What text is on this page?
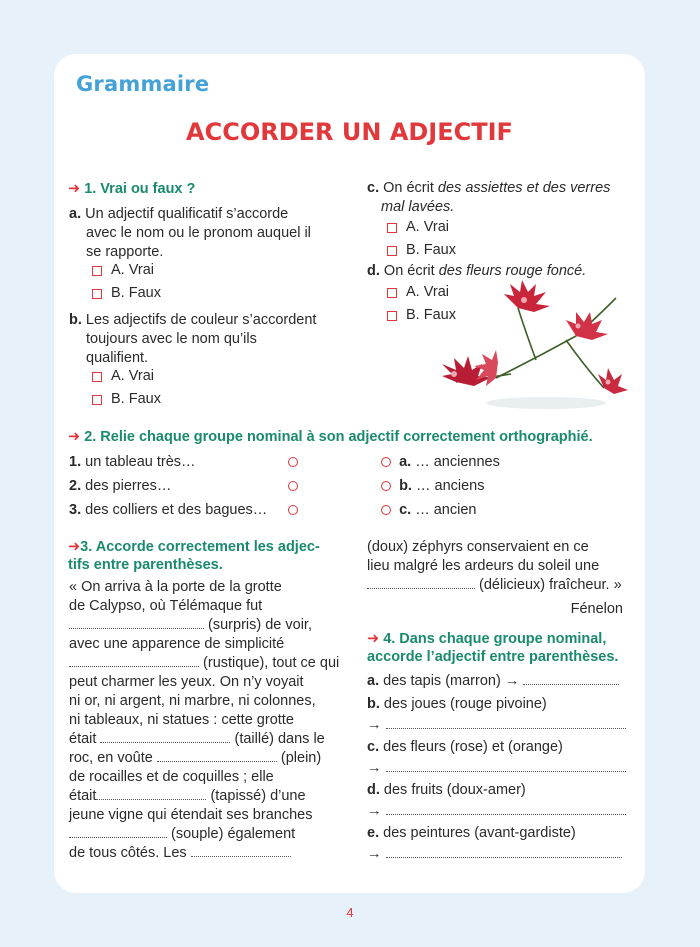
Grammaire
ACCORDER UN ADJECTIF
➜ 1. Vrai ou faux ?
a. Un adjectif qualificatif s’accorde
avec le nom ou le pronom auquel il
se rapporte.
A. Vrai
B. Faux
b. Les adjectifs de couleur s’accordent
toujours avec le nom qu’ils
qualifient.
A. Vrai
B. Faux
c. On écrit des assiettes et des verres
mal lavées.
A. Vrai
B. Faux
d. On écrit des fleurs rouge foncé.
A. Vrai
B. Faux
➜ 2. Relie chaque groupe nominal à son adjectif correctement orthographié.
1.
un tableau très…
2.
des pierres…
3.
des colliers et des bagues…

a.
… anciennes

b.
… anciens

c.
… ancien
➜3. Accorde correctement les adjec-
tifs entre parenthèses.
« On arriva à la porte de la grotte
de Calypso, où Télémaque fut

(surpris) de voir,
avec une apparence de simplicité

(rustique), tout ce qui
peut charmer les yeux. On n’y voyait
ni or, ni argent, ni marbre, ni colonnes,
ni tableaux, ni statues : cette grotte
était

	(taillé) dans le
roc, en voûte

	(plein)
de rocailles et de coquilles ; elle
était
	(tapissé) d’une
jeune vigne qui étendait ses branches

(souple) également
de tous côtés. Les

(doux) zéphyrs conservaient en ce
lieu malgré les ardeurs du soleil une

(délicieux) fraîcheur. »
Fénelon
➜ 4. Dans chaque groupe nominal,
accorde l’adjectif entre parenthèses.
a.
des tapis (marron)
→

b.
des joues (rouge pivoine)
→

c.
des fleurs (rose) et (orange)
→

d.
des fruits (doux-amer)
→

e.
des peintures (avant-gardiste)
→

4
